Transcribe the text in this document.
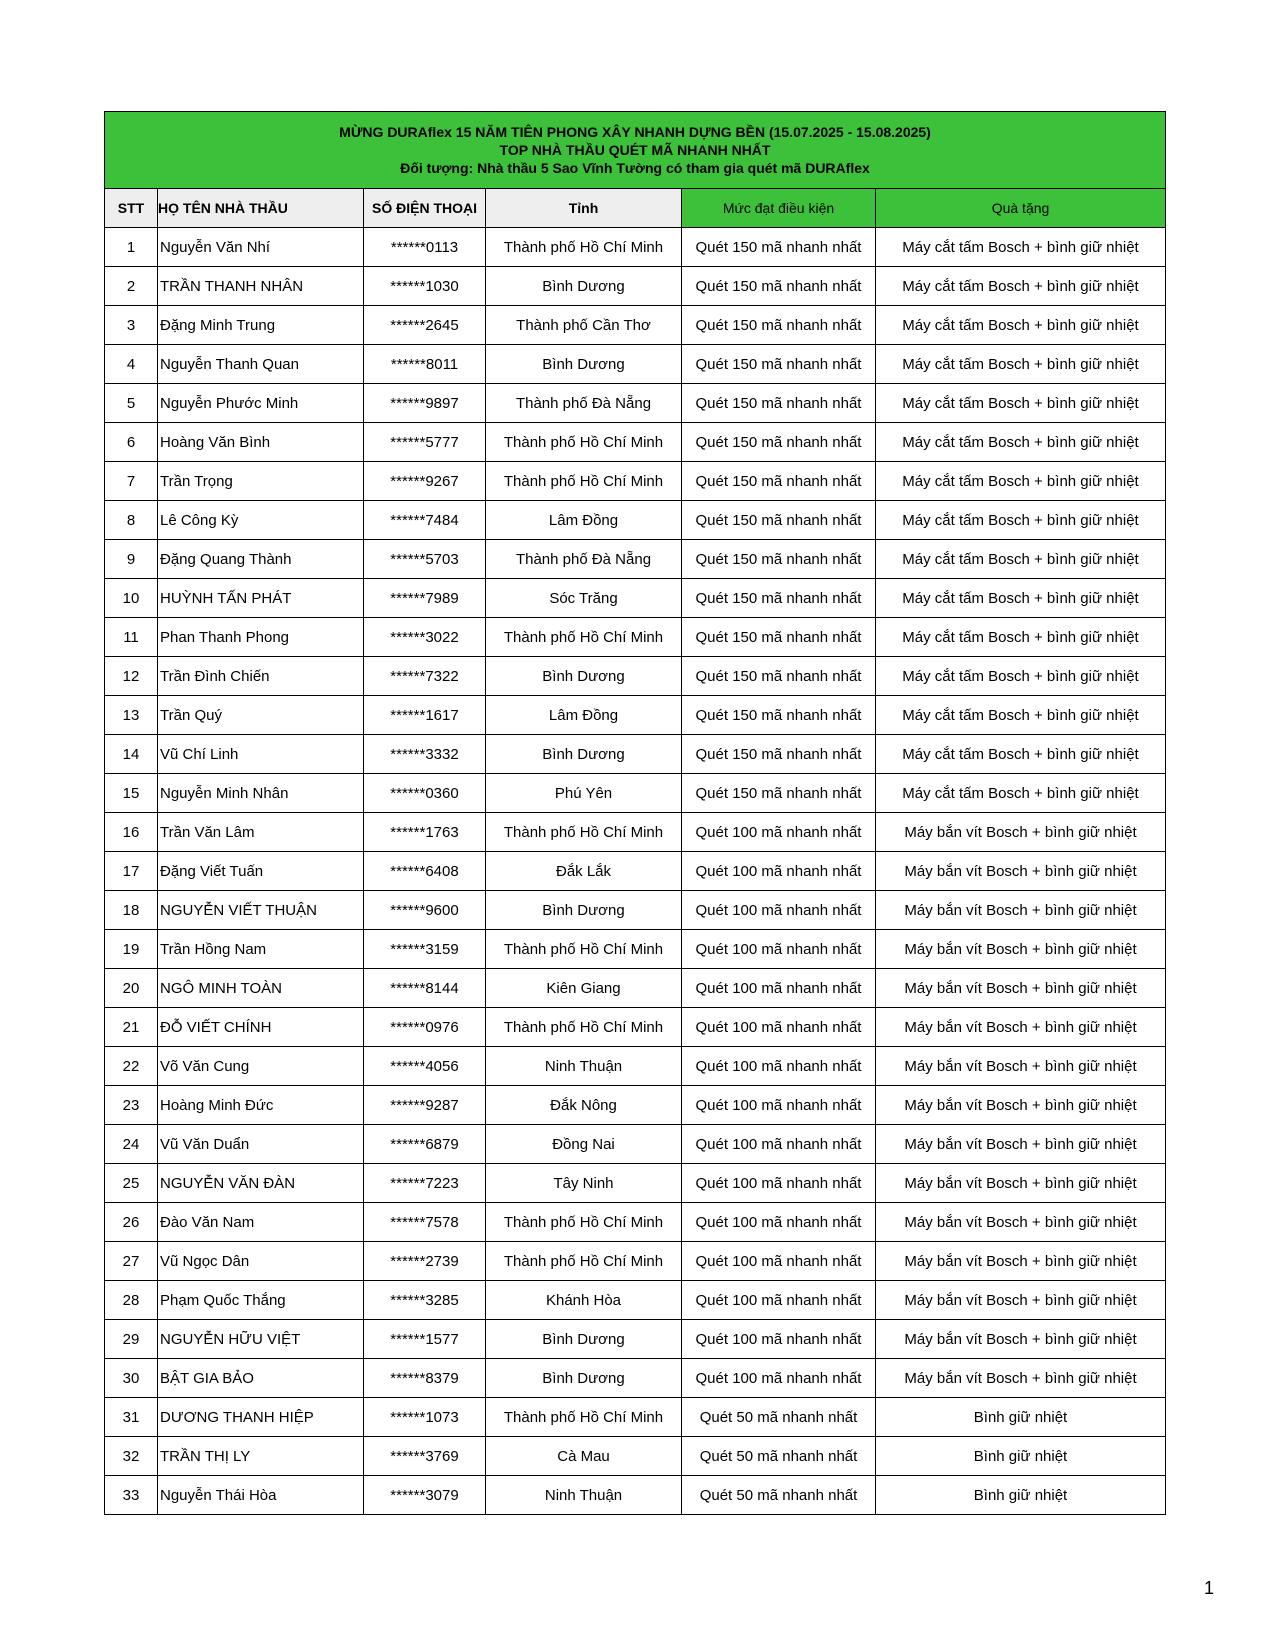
MỪNG DURAflex 15 NĂM TIÊN PHONG XÂY NHANH DỰNG BỀN (15.07.2025 - 15.08.2025)
TOP NHÀ THẦU QUÉT MÃ NHANH NHẤT
Đối tượng: Nhà thầu 5 Sao Vĩnh Tường có tham gia quét mã DURAflex					

STT	HỌ TÊN NHÀ THẦU	SỐ ĐIỆN THOẠI	Tỉnh	Mức đạt điều kiện	Quà tặng
1	Nguyễn Văn Nhí	******0113	Thành phố Hồ Chí Minh	Quét 150 mã nhanh nhất	Máy cắt tấm Bosch + bình giữ nhiệt
2	TRẦN THANH NHÂN	******1030	Bình Dương	Quét 150 mã nhanh nhất	Máy cắt tấm Bosch + bình giữ nhiệt
3	Đặng Minh Trung	******2645	Thành phố Cần Thơ	Quét 150 mã nhanh nhất	Máy cắt tấm Bosch + bình giữ nhiệt
4	Nguyễn Thanh Quan	******8011	Bình Dương	Quét 150 mã nhanh nhất	Máy cắt tấm Bosch + bình giữ nhiệt
5	Nguyễn Phước Minh	******9897	Thành phố Đà Nẵng	Quét 150 mã nhanh nhất	Máy cắt tấm Bosch + bình giữ nhiệt
6	Hoàng Văn Bình	******5777	Thành phố Hồ Chí Minh	Quét 150 mã nhanh nhất	Máy cắt tấm Bosch + bình giữ nhiệt
7	Trần Trọng	******9267	Thành phố Hồ Chí Minh	Quét 150 mã nhanh nhất	Máy cắt tấm Bosch + bình giữ nhiệt
8	Lê Công Kỳ	******7484	Lâm Đồng	Quét 150 mã nhanh nhất	Máy cắt tấm Bosch + bình giữ nhiệt
9	Đặng Quang Thành	******5703	Thành phố Đà Nẵng	Quét 150 mã nhanh nhất	Máy cắt tấm Bosch + bình giữ nhiệt
10	HUỲNH TẤN PHÁT	******7989	Sóc Trăng	Quét 150 mã nhanh nhất	Máy cắt tấm Bosch + bình giữ nhiệt
11	Phan Thanh Phong	******3022	Thành phố Hồ Chí Minh	Quét 150 mã nhanh nhất	Máy cắt tấm Bosch + bình giữ nhiệt
12	Trần Đình Chiến	******7322	Bình Dương	Quét 150 mã nhanh nhất	Máy cắt tấm Bosch + bình giữ nhiệt
13	Trần Quý	******1617	Lâm Đồng	Quét 150 mã nhanh nhất	Máy cắt tấm Bosch + bình giữ nhiệt
14	Vũ Chí Linh	******3332	Bình Dương	Quét 150 mã nhanh nhất	Máy cắt tấm Bosch + bình giữ nhiệt
15	Nguyễn Minh Nhân	******0360	Phú Yên	Quét 150 mã nhanh nhất	Máy cắt tấm Bosch + bình giữ nhiệt
16	Trần Văn Lâm	******1763	Thành phố Hồ Chí Minh	Quét 100 mã nhanh nhất	Máy bắn vít Bosch + bình giữ nhiệt
17	Đặng Viết Tuấn	******6408	Đắk Lắk	Quét 100 mã nhanh nhất	Máy bắn vít Bosch + bình giữ nhiệt
18	NGUYỄN VIẾT THUẬN	******9600	Bình Dương	Quét 100 mã nhanh nhất	Máy bắn vít Bosch + bình giữ nhiệt
19	Trần Hồng Nam	******3159	Thành phố Hồ Chí Minh	Quét 100 mã nhanh nhất	Máy bắn vít Bosch + bình giữ nhiệt
20	NGÔ MINH TOÀN	******8144	Kiên Giang	Quét 100 mã nhanh nhất	Máy bắn vít Bosch + bình giữ nhiệt
21	ĐỖ VIẾT CHÍNH	******0976	Thành phố Hồ Chí Minh	Quét 100 mã nhanh nhất	Máy bắn vít Bosch + bình giữ nhiệt
22	Võ Văn Cung	******4056	Ninh Thuận	Quét 100 mã nhanh nhất	Máy bắn vít Bosch + bình giữ nhiệt
23	Hoàng Minh Đức	******9287	Đắk Nông	Quét 100 mã nhanh nhất	Máy bắn vít Bosch + bình giữ nhiệt
24	Vũ Văn Duẩn	******6879	Đồng Nai	Quét 100 mã nhanh nhất	Máy bắn vít Bosch + bình giữ nhiệt
25	NGUYỄN VĂN ĐÀN	******7223	Tây Ninh	Quét 100 mã nhanh nhất	Máy bắn vít Bosch + bình giữ nhiệt
26	Đào Văn Nam	******7578	Thành phố Hồ Chí Minh	Quét 100 mã nhanh nhất	Máy bắn vít Bosch + bình giữ nhiệt
27	Vũ Ngọc Dân	******2739	Thành phố Hồ Chí Minh	Quét 100 mã nhanh nhất	Máy bắn vít Bosch + bình giữ nhiệt
28	Phạm Quốc Thắng	******3285	Khánh Hòa	Quét 100 mã nhanh nhất	Máy bắn vít Bosch + bình giữ nhiệt
29	NGUYỄN HỮU VIỆT	******1577	Bình Dương	Quét 100 mã nhanh nhất	Máy bắn vít Bosch + bình giữ nhiệt
30	BẬT GIA BẢO	******8379	Bình Dương	Quét 100 mã nhanh nhất	Máy bắn vít Bosch + bình giữ nhiệt
31	DƯƠNG THANH HIỆP	******1073	Thành phố Hồ Chí Minh	Quét 50 mã nhanh nhất	Bình giữ nhiệt
32	TRẦN THỊ LY	******3769	Cà Mau	Quét 50 mã nhanh nhất	Bình giữ nhiệt
33	Nguyễn Thái Hòa	******3079	Ninh Thuận	Quét 50 mã nhanh nhất	Bình giữ nhiệt
1
